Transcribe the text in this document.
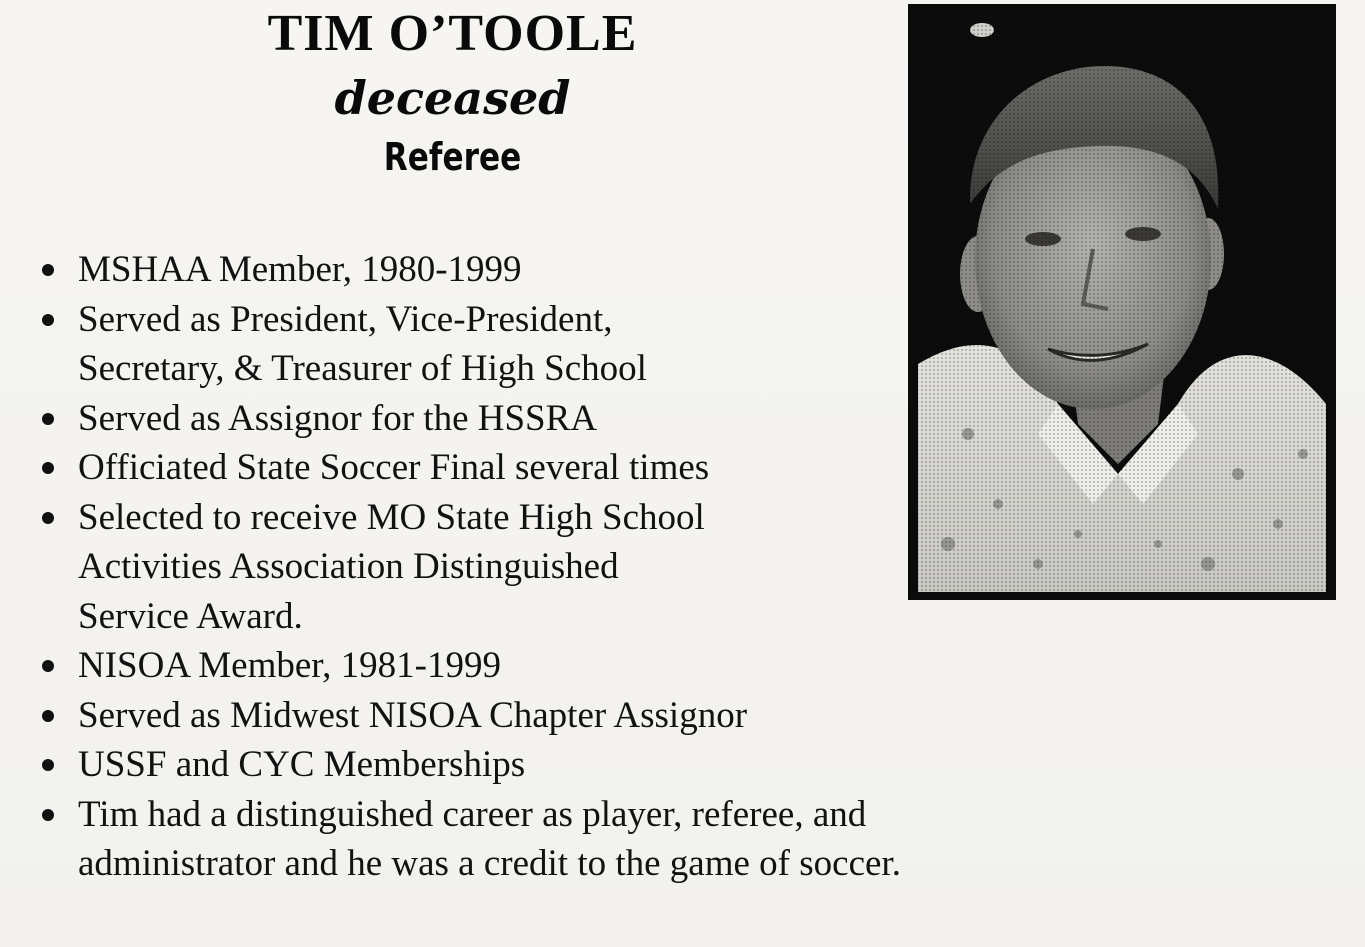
TIM O’TOOLE
deceased
Referee
MSHAA Member, 1980-1999
Served as President, Vice-President,
Secretary, & Treasurer of High School
Served as Assignor for the HSSRA
Officiated State Soccer Final several times
Selected to receive MO State High School
Activities Association Distinguished
Service Award.
NISOA Member, 1981-1999
Served as Midwest NISOA Chapter Assignor
USSF and CYC Memberships
Tim had a distinguished career as player, referee, and
administrator and he was a credit to the game of soccer.
